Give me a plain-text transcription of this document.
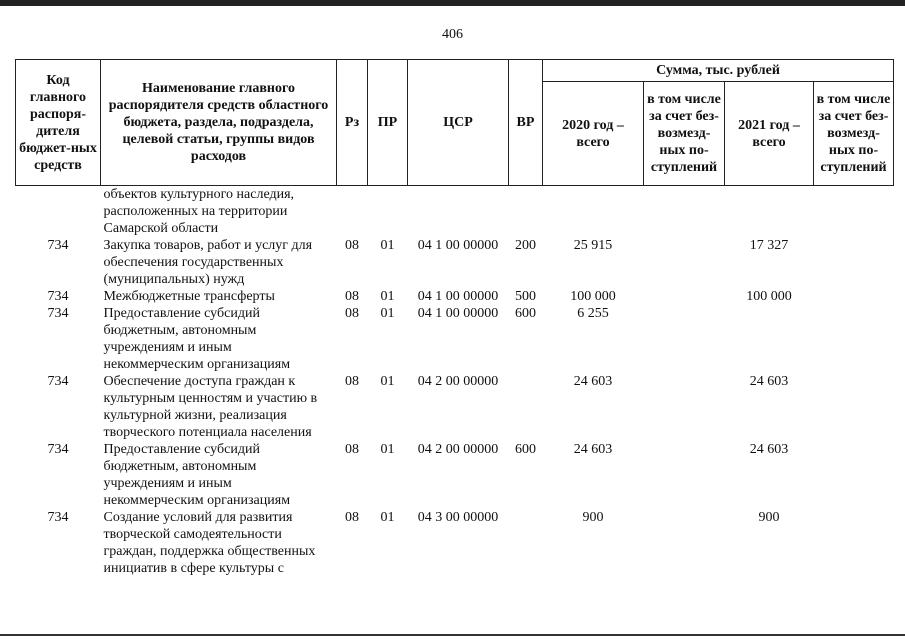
406
Код главного распоря-дителя бюджет-ных средств	Наименование главного распорядителя средств областного бюджета, раздела, подраздела, целевой статьи, группы видов расходов	Рз	ПР	ЦСР	ВР	Сумма, тыс. рублей			
						2020 год – всего	в том числе за счет без-возмезд-ных по-ступлений	2021 год – всего	в том числе за счет без-возмезд-ных по-ступлений
	объектов культурного наследия, расположенных на территории Самарской области								
734	Закупка товаров, работ и услуг для обеспечения государственных (муниципальных) нужд	08	01	04 1 00 00000	200	25 915		17 327	
734	Межбюджетные трансферты	08	01	04 1 00 00000	500	100 000		100 000	
734	Предоставление субсидий бюджетным, автономным учреждениям и иным некоммерческим организациям	08	01	04 1 00 00000	600	6 255			
734	Обеспечение доступа граждан к культурным ценностям и участию в культурной жизни, реализация творческого потенциала населения	08	01	04 2 00 00000		24 603		24 603	
734	Предоставление субсидий бюджетным, автономным учреждениям и иным некоммерческим организациям	08	01	04 2 00 00000	600	24 603		24 603	
734	Создание условий для развития творческой самодеятельности граждан, поддержка общественных инициатив в сфере культуры с	08	01	04 3 00 00000		900		900	
